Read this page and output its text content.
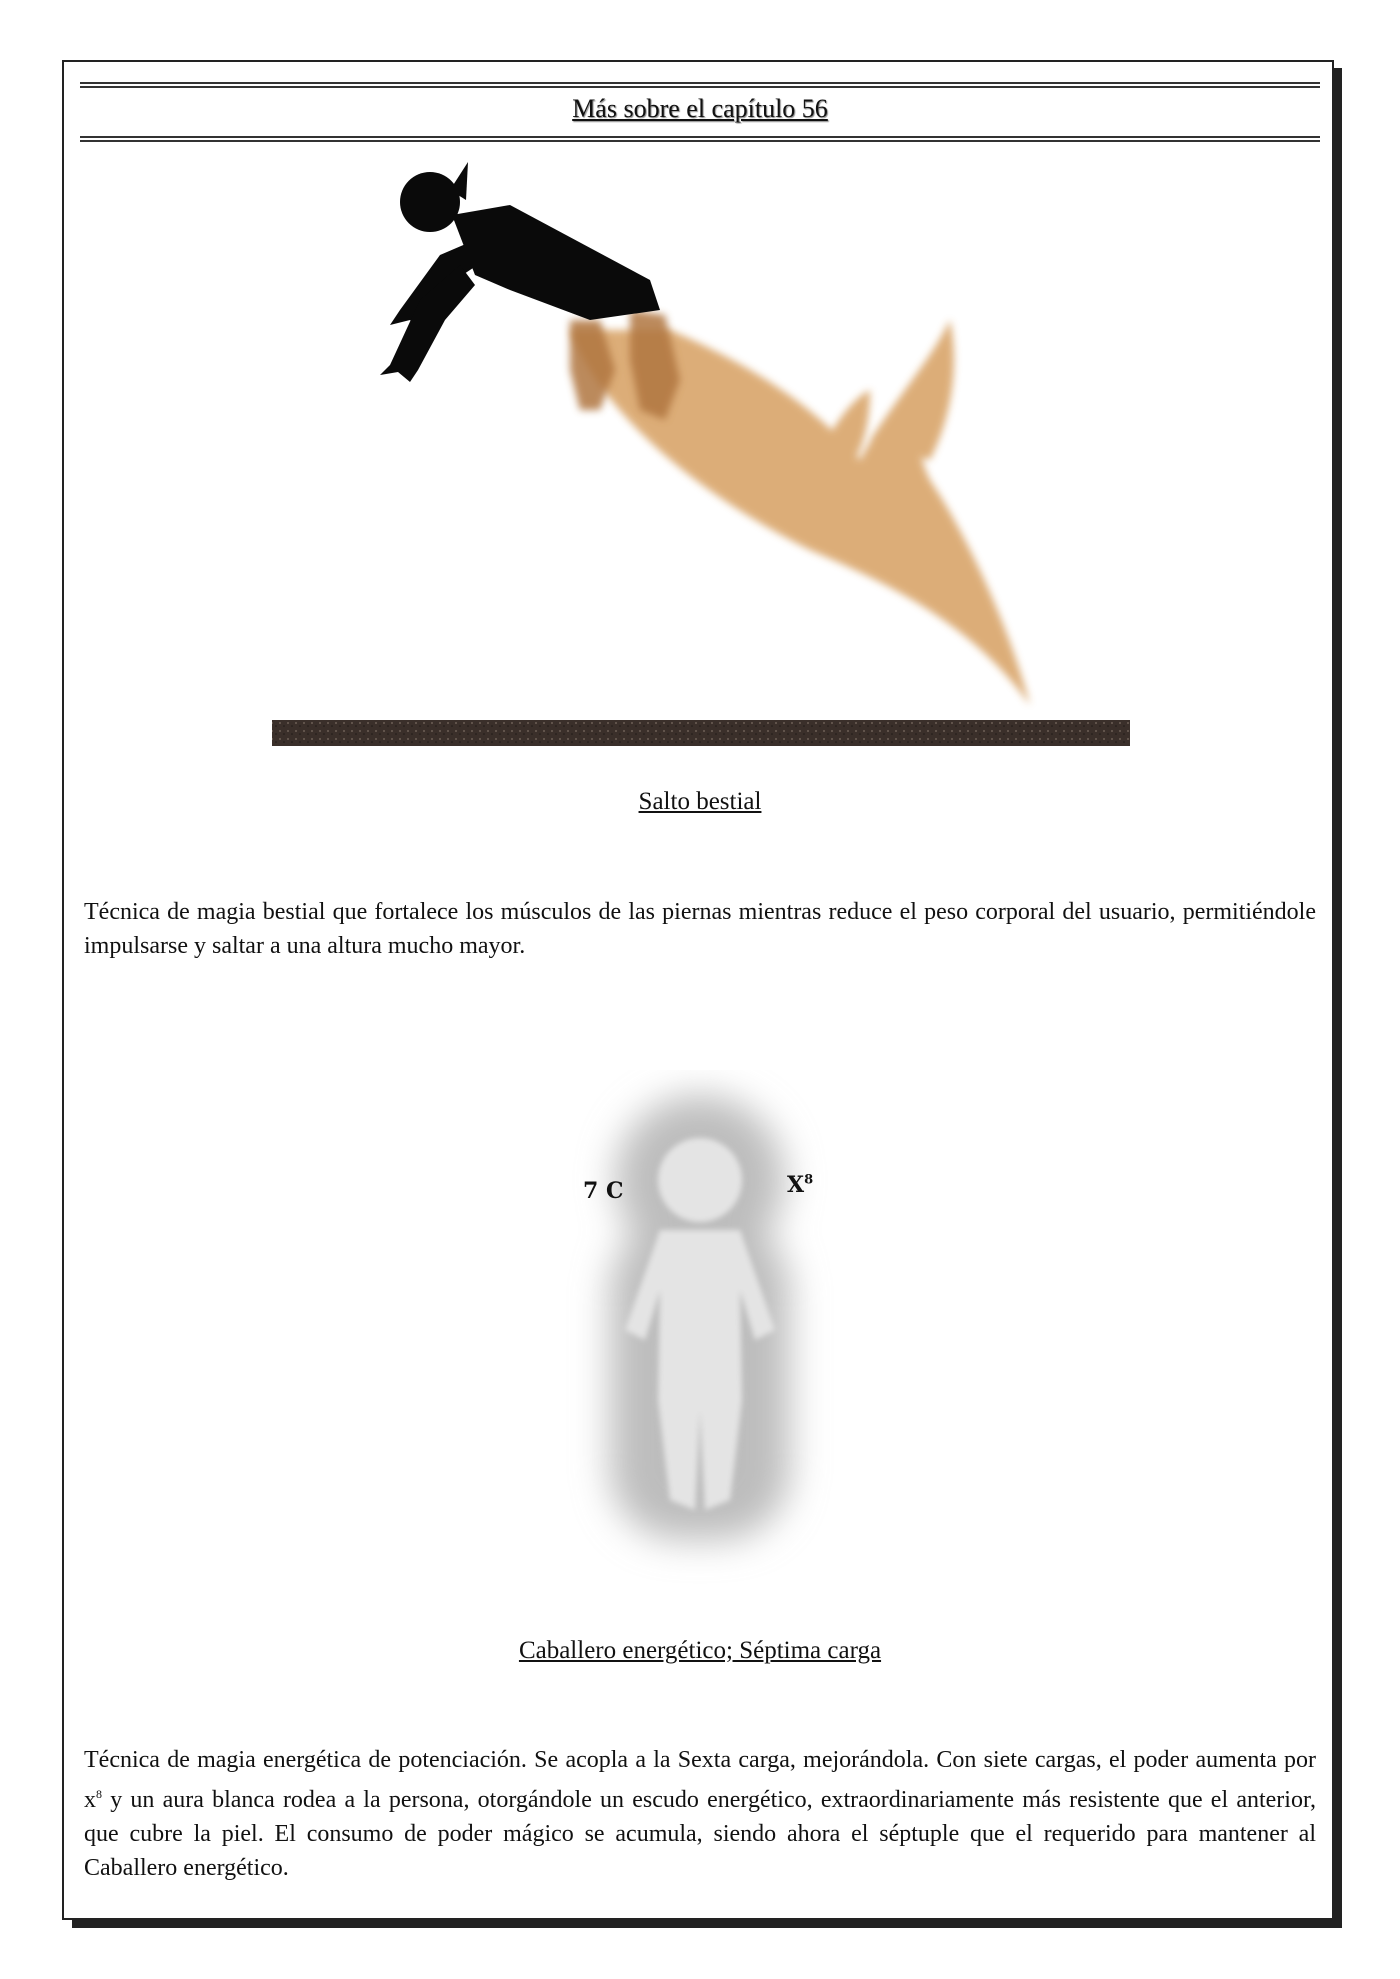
Más sobre el capítulo 56
Salto bestial
Técnica de magia bestial que fortalece los músculos de las piernas mientras reduce el peso corporal del usuario, permitiéndole impulsarse y saltar a una altura mucho mayor.
7 C	$X^8$
Caballero energético; Séptima carga
Técnica de magia energética de potenciación. Se acopla a la Sexta carga, mejorándola. Con siete cargas, el poder aumenta por $x^8$ y un aura blanca rodea a la persona, otorgándole un escudo energético, extraordinariamente más resistente que el anterior, que cubre la piel. El consumo de poder mágico se acumula, siendo ahora el séptuple que el requerido para mantener al Caballero energético.
